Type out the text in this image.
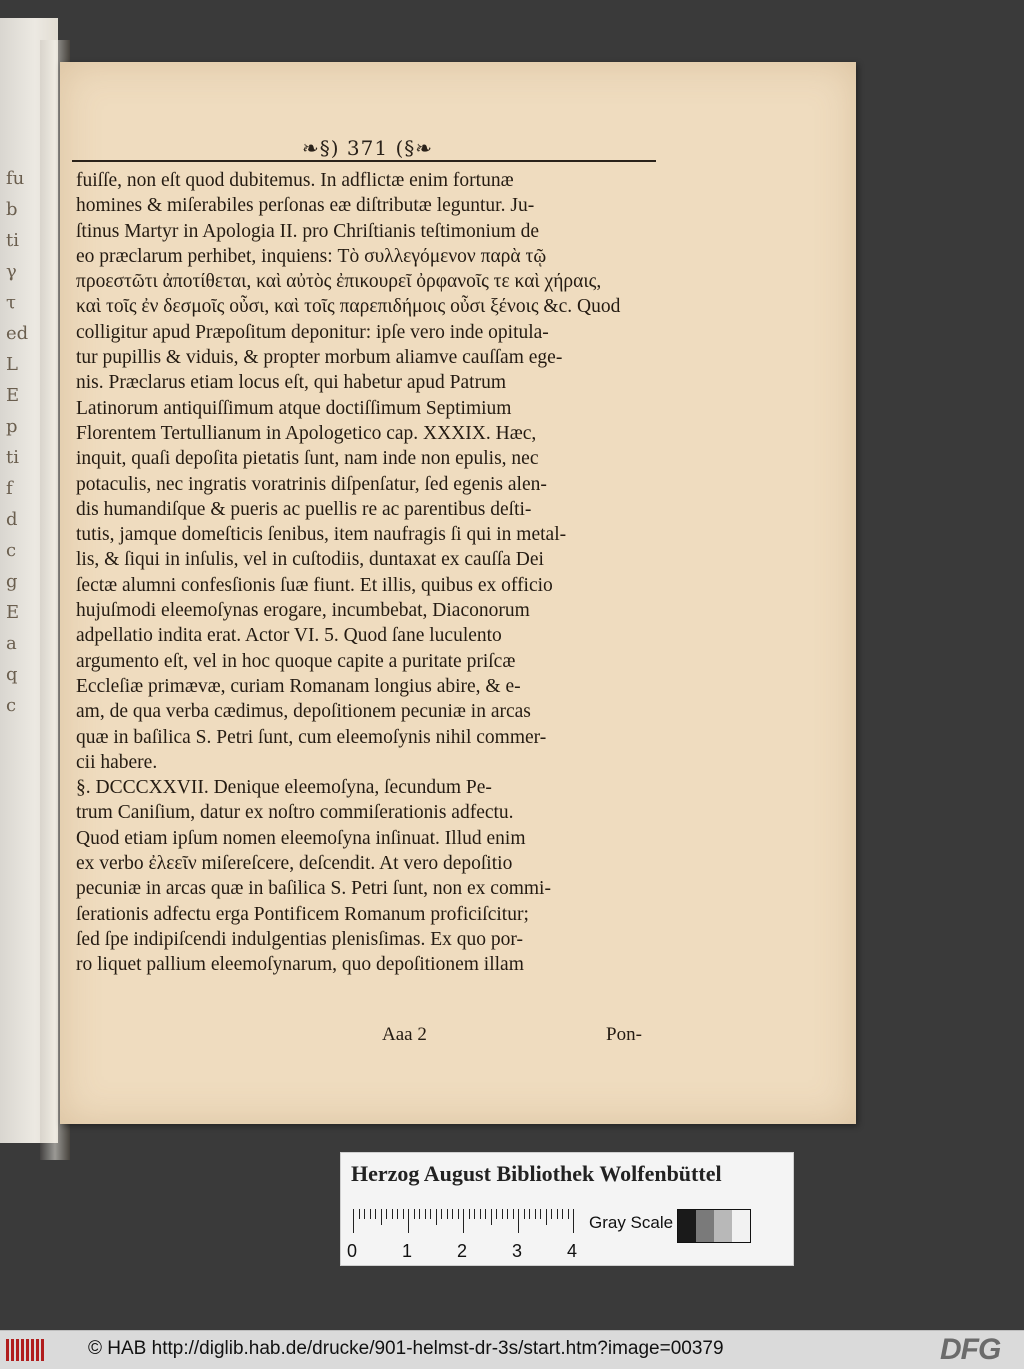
fu
b
ti
γ
τ
ed
L
E
p
ti
f
d
c
g
E
a
q
c
❧§) 371 (§❧
fuiſſe, non eſt quod dubitemus. In adflictæ enim fortunæ
homines & miſerabiles perſonas eæ diſtributæ leguntur. Ju-
ſtinus Martyr in Apologia II. pro Chriſtianis teſtimonium de
eo præclarum perhibet, inquiens: Τὸ συλλεγόμενον παρὰ τῷ
προεστῶτι ἀποτίθεται, καὶ αὐτὸς ἐπικουρεῖ ὀρφανοῖς τε καὶ χήραις,
καὶ τοῖς ἐν δεσμοῖς οὖσι, καὶ τοῖς παρεπιδήμοις οὖσι ξένοις &c. Quod
colligitur apud Præpoſitum deponitur: ipſe vero inde opitula-
tur pupillis & viduis, & propter morbum aliamve cauſſam ege-
nis. Præclarus etiam locus eſt, qui habetur apud Patrum
Latinorum antiquiſſimum atque doctiſſimum Septimium
Florentem Tertullianum in Apologetico cap. XXXIX. Hæc,
inquit, quaſi depoſita pietatis ſunt, nam inde non epulis, nec
potaculis, nec ingratis voratrinis diſpenſatur, ſed egenis alen-
dis humandiſque & pueris ac puellis re ac parentibus deſti-
tutis, jamque domeſticis ſenibus, item naufragis ſi qui in metal-
lis, & ſiqui in inſulis, vel in cuſtodiis, duntaxat ex cauſſa Dei
ſectæ alumni confesſionis ſuæ fiunt. Et illis, quibus ex officio
hujuſmodi eleemoſynas erogare, incumbebat, Diaconorum
adpellatio indita erat. Actor VI. 5. Quod ſane luculento
argumento eſt, vel in hoc quoque capite a puritate priſcæ
Eccleſiæ primævæ, curiam Romanam longius abire, & e-
am, de qua verba cædimus, depoſitionem pecuniæ in arcas
quæ in baſilica S. Petri ſunt, cum eleemoſynis nihil commer-
cii habere.
§. DCCCXXVII. Denique eleemoſyna, ſecundum Pe-
trum Caniſium, datur ex noſtro commiſerationis adfectu.
Quod etiam ipſum nomen eleemoſyna inſinuat. Illud enim
ex verbo ἐλεεῖν miſereſcere, deſcendit. At vero depoſitio
pecuniæ in arcas quæ in baſilica S. Petri ſunt, non ex commi-
ſerationis adfectu erga Pontificem Romanum proficiſcitur;
ſed ſpe indipiſcendi indulgentias plenisſimas. Ex quo por-
ro liquet pallium eleemoſynarum, quo depoſitionem illam
Aaa 2	Pon-
Herzog August Bibliothek Wolfenbüttel
0 1 2 3 4
Gray Scale
© HAB http://diglib.hab.de/drucke/901-helmst-dr-3s/start.htm?image=00379	DFG
